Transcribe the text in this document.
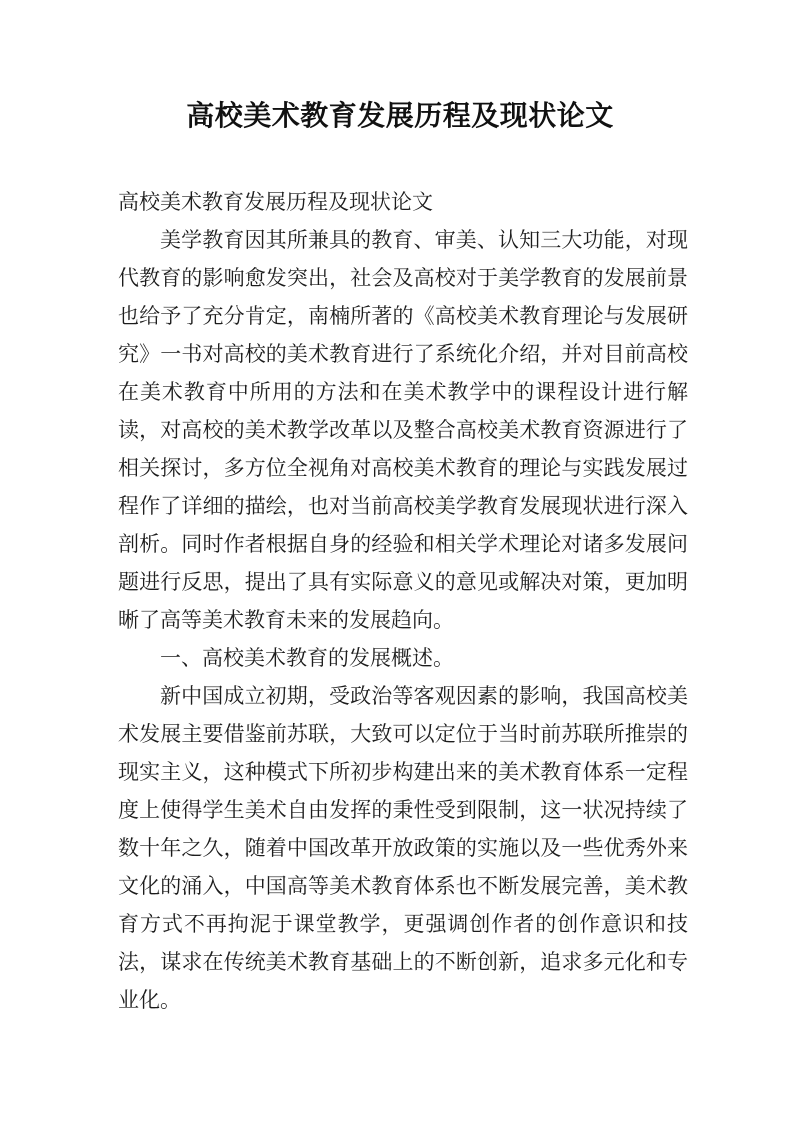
高校美术教育发展历程及现状论文

高校美术教育发展历程及现状论文

美学教育因其所兼具的教育、审美、认知三大功能，对现代教育的影响愈发突出，社会及高校对于美学教育的发展前景也给予了充分肯定，南楠所著的《高校美术教育理论与发展研究》一书对高校的美术教育进行了系统化介绍，并对目前高校在美术教育中所用的方法和在美术教学中的课程设计进行解读，对高校的美术教学改革以及整合高校美术教育资源进行了相关探讨，多方位全视角对高校美术教育的理论与实践发展过程作了详细的描绘，也对当前高校美学教育发展现状进行深入剖析。同时作者根据自身的经验和相关学术理论对诸多发展问题进行反思，提出了具有实际意义的意见或解决对策，更加明晰了高等美术教育未来的发展趋向。

一、高校美术教育的发展概述。

新中国成立初期，受政治等客观因素的影响，我国高校美术发展主要借鉴前苏联，大致可以定位于当时前苏联所推崇的现实主义，这种模式下所初步构建出来的美术教育体系一定程度上使得学生美术自由发挥的秉性受到限制，这一状况持续了数十年之久，随着中国改革开放政策的实施以及一些优秀外来文化的涌入，中国高等美术教育体系也不断发展完善，美术教育方式不再拘泥于课堂教学，更强调创作者的创作意识和技法，谋求在传统美术教育基础上的不断创新，追求多元化和专业化。
